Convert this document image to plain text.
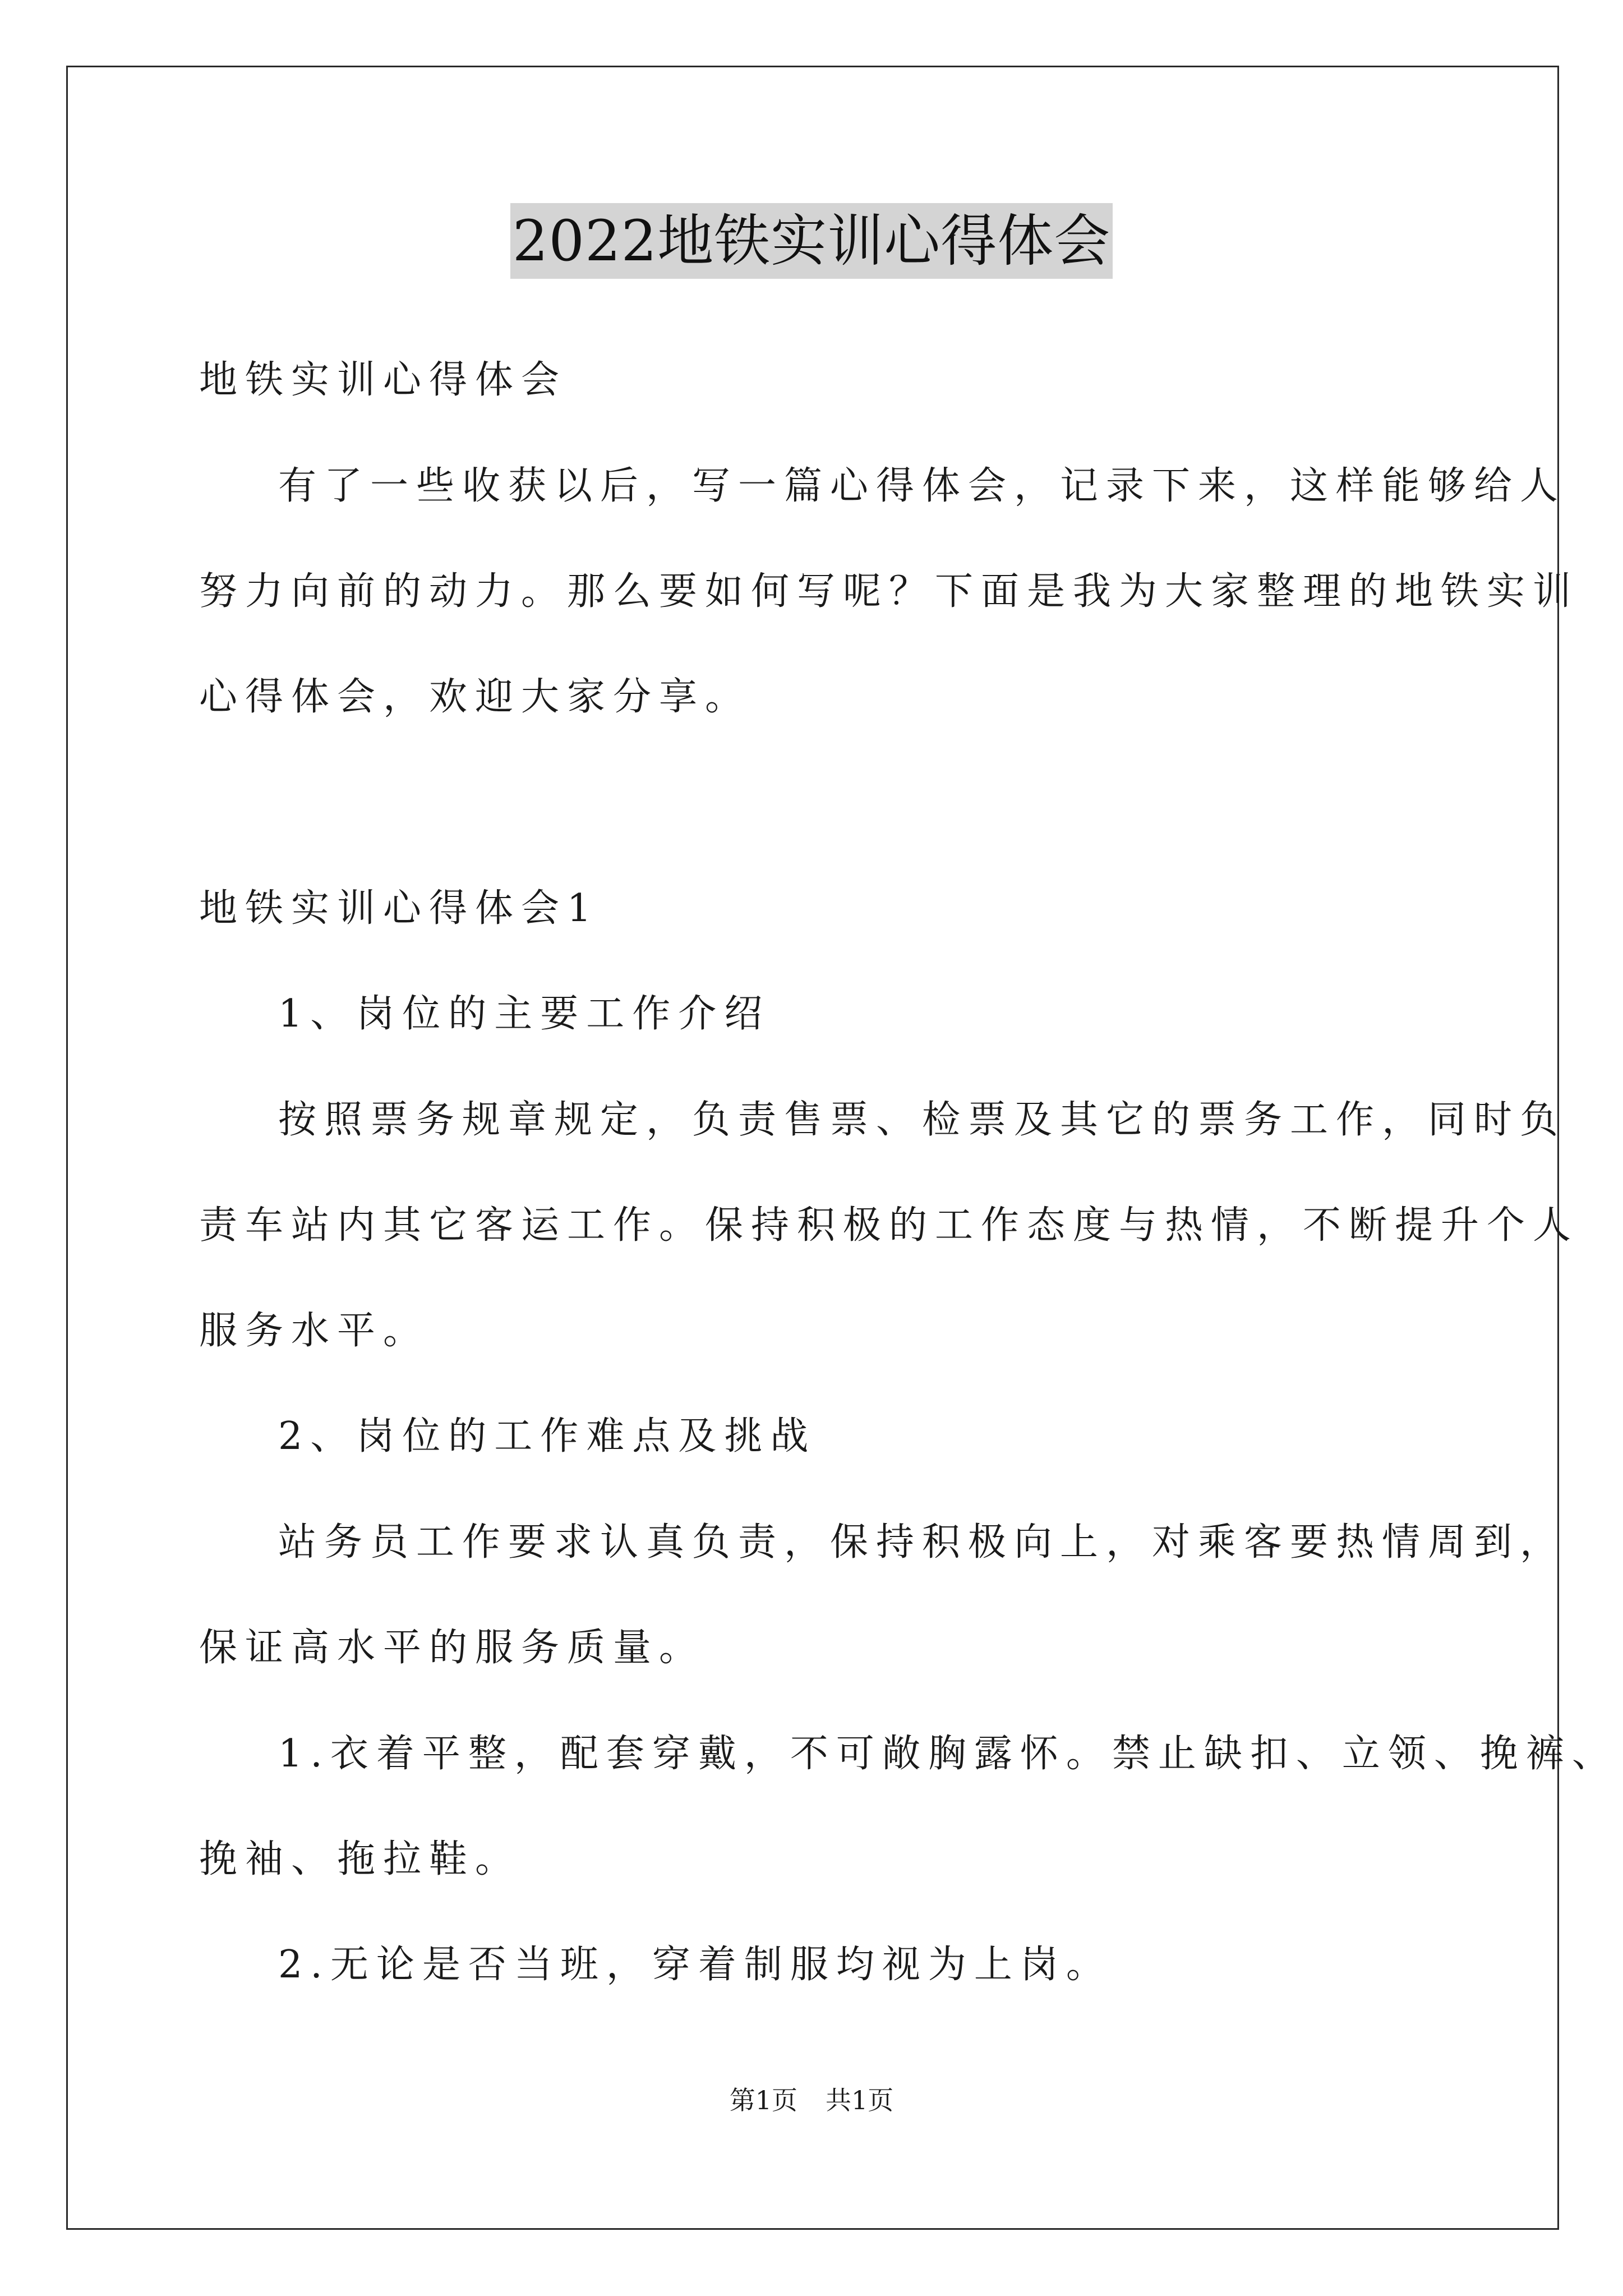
2022地铁实训心得体会
地铁实训心得体会
有了一些收获以后，写一篇心得体会，记录下来，这样能够给人
努力向前的动力。那么要如何写呢？下面是我为大家整理的地铁实训
心得体会，欢迎大家分享。
地铁实训心得体会1
1、岗位的主要工作介绍
按照票务规章规定，负责售票、检票及其它的票务工作，同时负
责车站内其它客运工作。保持积极的工作态度与热情，不断提升个人
服务水平。
2、岗位的工作难点及挑战
站务员工作要求认真负责，保持积极向上，对乘客要热情周到，
保证高水平的服务质量。
1.衣着平整，配套穿戴，不可敞胸露怀。禁止缺扣、立领、挽裤、
挽袖、拖拉鞋。
2.无论是否当班，穿着制服均视为上岗。
第1页 共1页
